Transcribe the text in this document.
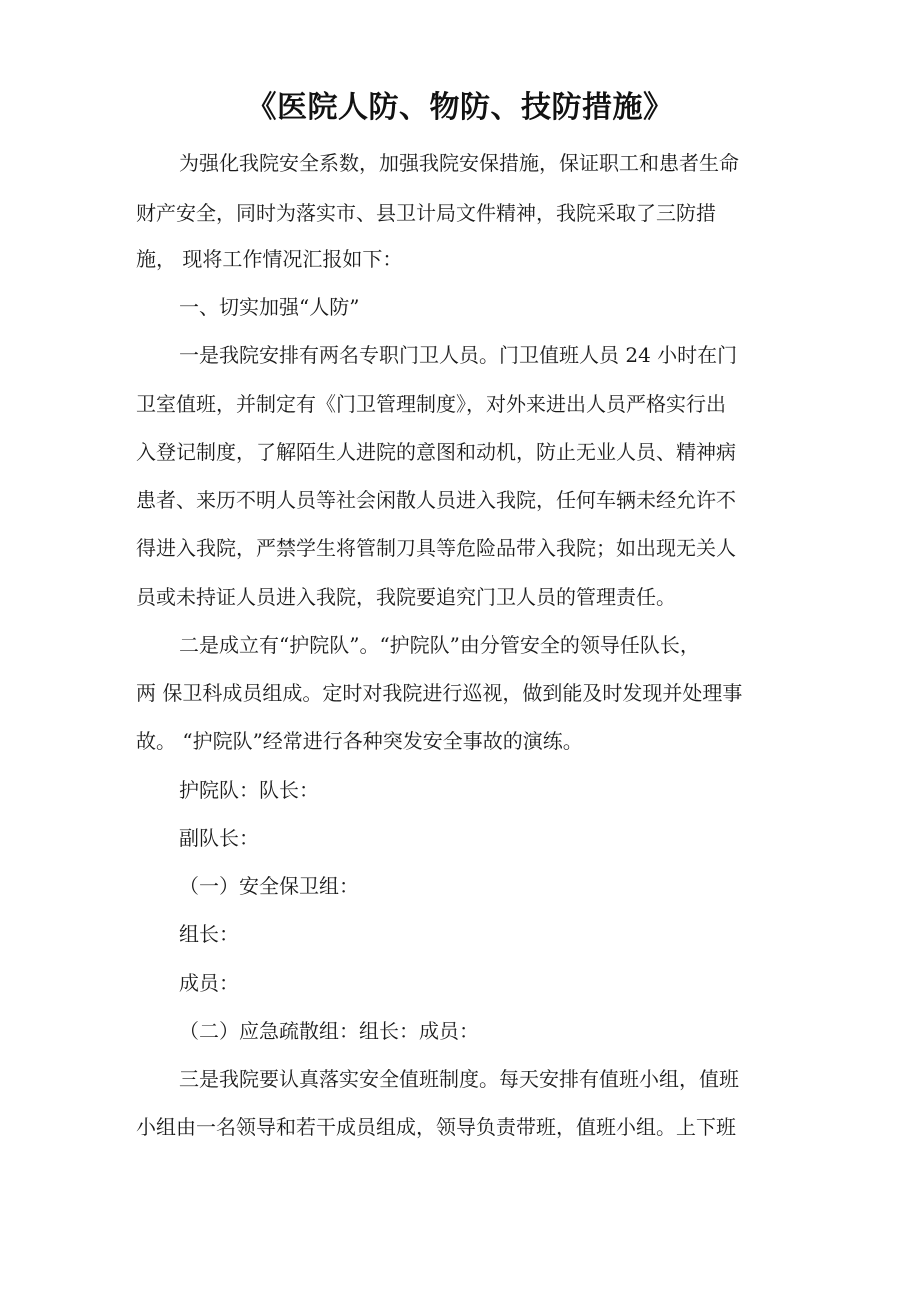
《医院人防、物防、技防措施》
为强化我院安全系数，加强我院安保措施，保证职工和患者生命
财产安全，同时为落实市、县卫计局文件精神，我院采取了三防措
施， 现将工作情况汇报如下：
一、切实加强“人防”
一是我院安排有两名专职门卫人员。门卫值班人员 24 小时在门
卫室值班，并制定有《门卫管理制度》，对外来进出人员严格实行出
入登记制度，了解陌生人进院的意图和动机，防止无业人员、精神病
患者、来历不明人员等社会闲散人员进入我院，任何车辆未经允许不
得进入我院，严禁学生将管制刀具等危险品带入我院；如出现无关人
员或未持证人员进入我院，我院要追究门卫人员的管理责任。
二是成立有“护院队”。“护院队”由分管安全的领导任队长，
两 保卫科成员组成。定时对我院进行巡视，做到能及时发现并处理事
故。 “护院队”经常进行各种突发安全事故的演练。
护院队：队长：
副队长：
（一）安全保卫组：
组长：
成员：
（二）应急疏散组：组长：成员：
三是我院要认真落实安全值班制度。每天安排有值班小组，值班
小组由一名领导和若干成员组成，领导负责带班，值班小组。上下班
